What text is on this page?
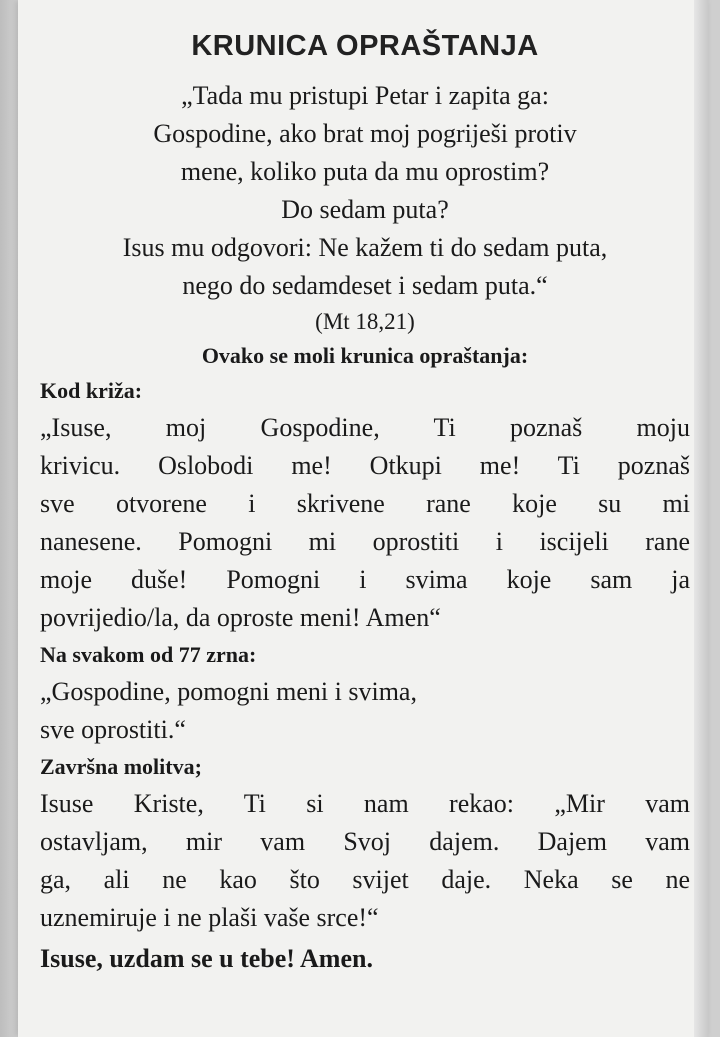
KRUNICA OPRAŠTANJA
„Tada mu pristupi Petar i zapita ga:
Gospodine, ako brat moj pogriješi protiv
mene, koliko puta da mu oprostim?
Do sedam puta?
Isus mu odgovori: Ne kažem ti do sedam puta,
nego do sedamdeset i sedam puta.“
(Mt 18,21)
Ovako se moli krunica opraštanja:
Kod križa:
„Isuse, moj Gospodine, Ti poznaš moju
krivicu. Oslobodi me! Otkupi me! Ti poznaš
sve otvorene i skrivene rane koje su mi
nanesene. Pomogni mi oprostiti i iscijeli rane
moje duše! Pomogni i svima koje sam ja
povrijedio/la, da oproste meni! Amen“
Na svakom od 77 zrna:
„Gospodine, pomogni meni i svima,
sve oprostiti.“
Završna molitva;
Isuse Kriste, Ti si nam rekao: „Mir vam
ostavljam, mir vam Svoj dajem. Dajem vam
ga, ali ne kao što svijet daje. Neka se ne
uznemiruje i ne plaši vaše srce!“
Isuse, uzdam se u tebe! Amen.
